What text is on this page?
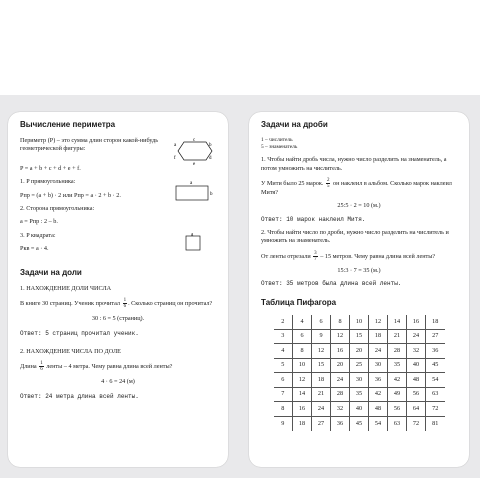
Вычисление периметра
Периметр (P) – это сумма длин сторон какой-нибудь геометрической фигуры:
c
b
a
f	d
e
P = a + b + c + d + e + f.
1. P прямоугольника:
Pпр = (a + b) · 2 или Pпр = a · 2 + b · 2.
a
b
2. Сторона прямоугольника:
a = Pпр : 2 – b.
3. P квадрата:
Pкв = a · 4.
a
Задачи на доли
1. НАХОЖДЕНИЕ ДОЛИ ЧИСЛА
В книге 30 страниц. Ученик прочитал $\frac{1}{6}$ . Сколько страниц он прочитал?
30 : 6 = 5 (страниц).
Ответ: 5 страниц прочитал ученик.
2. НАХОЖДЕНИЕ ЧИСЛА ПО ДОЛЕ
Длина $\frac{1}{6}$ ленты – 4 метра. Чему равна длина всей ленты?
4 · 6 = 24 (м)
Ответ: 24 метра длина всей ленты.
Задачи на дроби
1 – числитель
5 – знаменатель
1. Чтобы найти дробь числа, нужно число разделить на знаменатель, а потом умножить на числитель.
У Мити было 25 марок. $\frac{2}{5}$ он наклеил в альбом. Сколько марок наклеил Митя?
25:5 · 2 = 10 (м.)
Ответ: 10 марок наклеил Митя.
2. Чтобы найти число по дроби, нужно число разделить на числитель и умножить на знаменатель.
От ленты отрезали $\frac{3}{7} - 15$ метров. Чему равна длина всей ленты?
15:3 · 7 = 35 (м.)
Ответ: 35 метров была длина всей ленты.
Таблица Пифагора
2	4	6	8	10	12	14	16	18
3	6	9	12	15	18	21	24	27
4	8	12	16	20	24	28	32	36
5	10	15	20	25	30	35	40	45
6	12	18	24	30	36	42	48	54
7	14	21	28	35	42	49	56	63
8	16	24	32	40	48	56	64	72
9	18	27	36	45	54	63	72	81
